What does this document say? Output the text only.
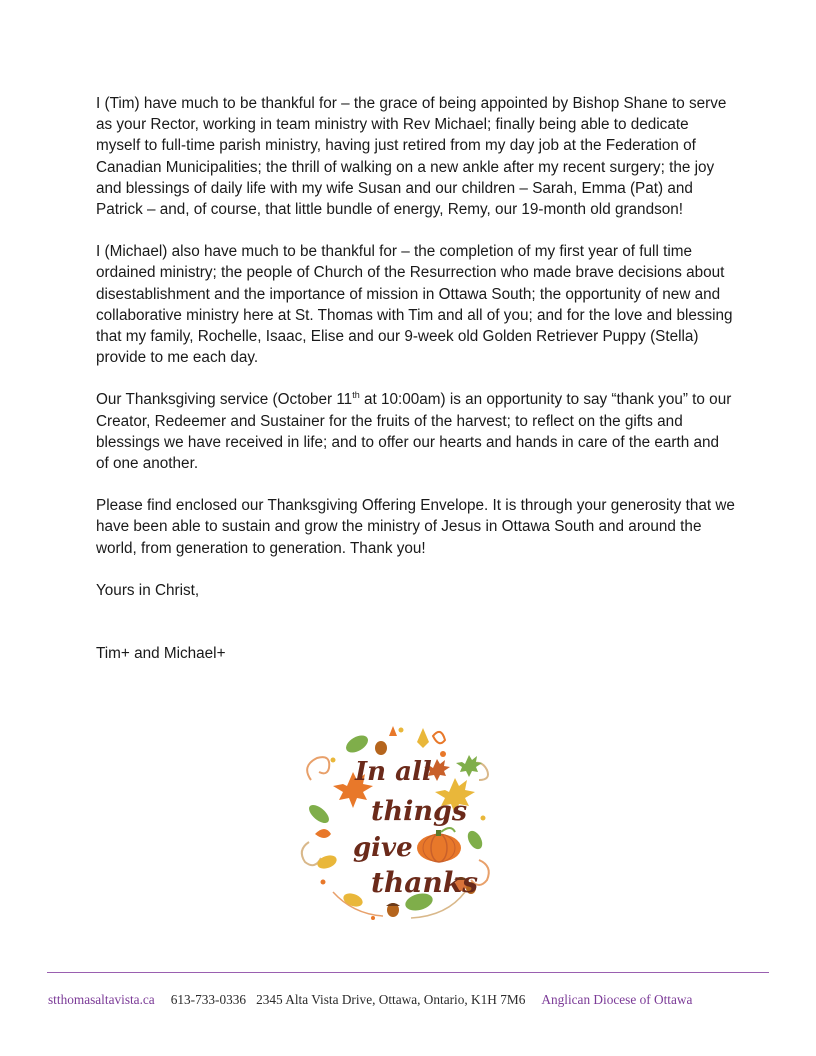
I (Tim) have much to be thankful for – the grace of being appointed by Bishop Shane to serve as your Rector, working in team ministry with Rev Michael; finally being able to dedicate myself to full-time parish ministry, having just retired from my day job at the Federation of Canadian Municipalities; the thrill of walking on a new ankle after my recent surgery; the joy and blessings of daily life with my wife Susan and our children – Sarah, Emma (Pat) and Patrick – and, of course, that little bundle of energy, Remy, our 19-month old grandson!

I (Michael) also have much to be thankful for – the completion of my first year of full time ordained ministry; the people of Church of the Resurrection who made brave decisions about disestablishment and the importance of mission in Ottawa South; the opportunity of new and collaborative ministry here at St. Thomas with Tim and all of you; and for the love and blessing that my family, Rochelle, Isaac, Elise and our 9-week old Golden Retriever Puppy (Stella) provide to me each day.

Our Thanksgiving service (October 11th at 10:00am) is an opportunity to say “thank you” to our Creator, Redeemer and Sustainer for the fruits of the harvest; to reflect on the gifts and blessings we have received in life; and to offer our hearts and hands in care of the earth and of one another.

Please find enclosed our Thanksgiving Offering Envelope. It is through your generosity that we have been able to sustain and grow the ministry of Jesus in Ottawa South and around the world, from generation to generation. Thank you!

Yours in Christ,

Tim+ and Michael+

In all
things
give
thanks
stthomasaltavista.ca 613-733-0336 2345 Alta Vista Drive, Ottawa, Ontario, K1H 7M6 Anglican Diocese of Ottawa
